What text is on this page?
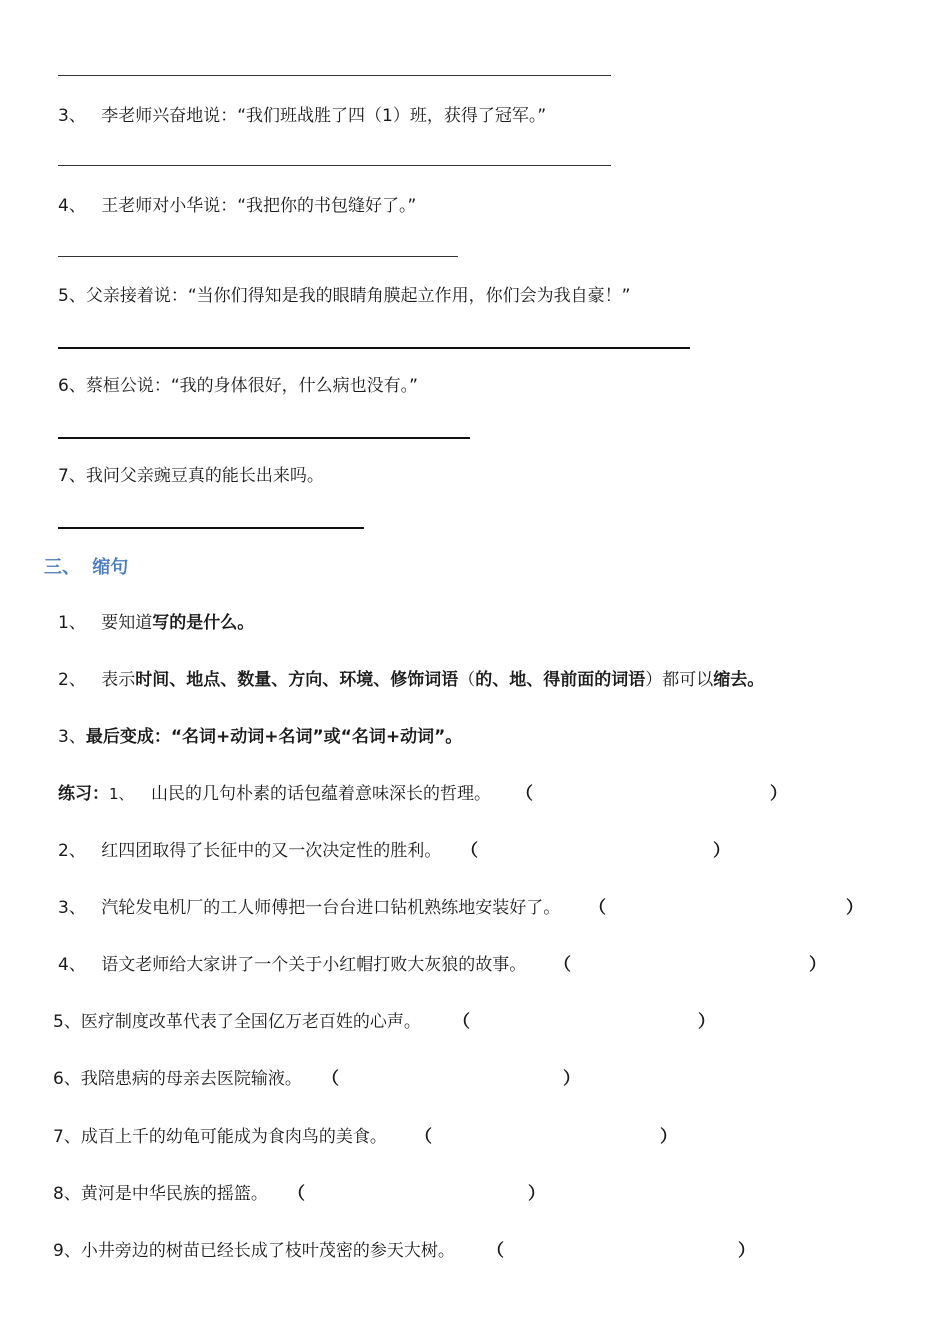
3、 李老师兴奋地说：“我们班战胜了四（1）班，获得了冠军。”
4、 王老师对小华说：“我把你的书包缝好了。”
5、父亲接着说：“当你们得知是我的眼睛角膜起立作用，你们会为我自豪！”
6、蔡桓公说：“我的身体很好，什么病也没有。”
7、我问父亲豌豆真的能长出来吗。
三、 缩句
1、 要知道写的是什么。
2、 表示时间、地点、数量、方向、环境、修饰词语（的、地、得前面的词语）都可以缩去。
3、最后变成：“名词+动词+名词”或“名词+动词”。
练习：1、 山民的几句朴素的话包蕴着意味深长的哲理。 （	）
2、 红四团取得了长征中的又一次决定性的胜利。 （	）
3、 汽轮发电机厂的工人师傅把一台台进口钻机熟练地安装好了。 （	）
4、 语文老师给大家讲了一个关于小红帽打败大灰狼的故事。 （	）
5、医疗制度改革代表了全国亿万老百姓的心声。 （	）
6、我陪患病的母亲去医院输液。 （	）
7、成百上千的幼龟可能成为食肉鸟的美食。 （	）
8、黄河是中华民族的摇篮。 （	）
9、小井旁边的树苗已经长成了枝叶茂密的参天大树。 （	）
